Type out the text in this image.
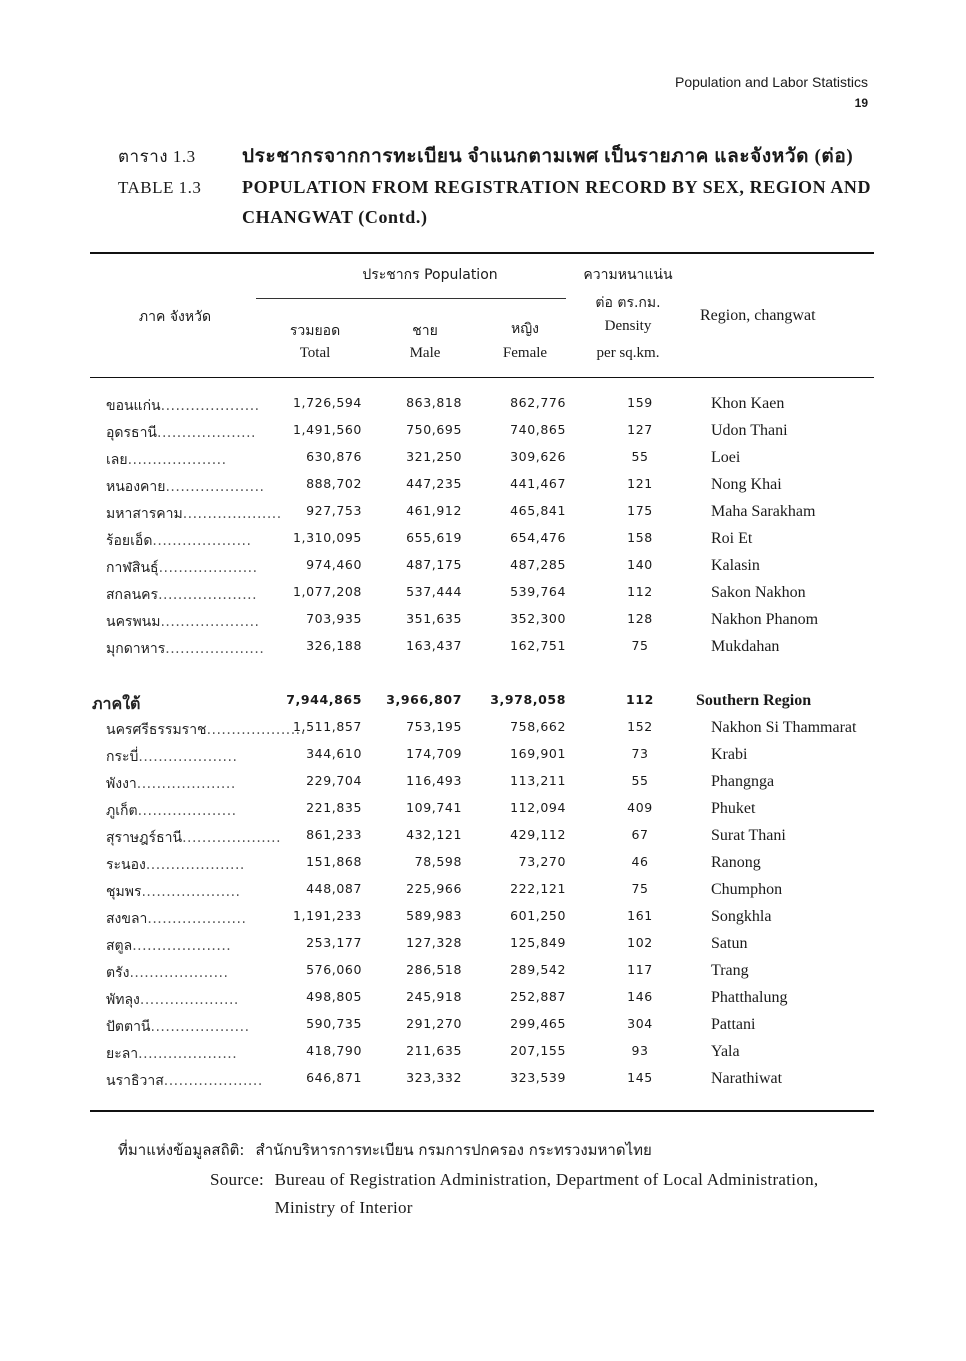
Population and Labor Statistics
19
ตาราง 1.3	ประชากรจากการทะเบียน จำแนกตามเพศ เป็นรายภาค และจังหวัด (ต่อ)
TABLE 1.3	POPULATION FROM REGISTRATION RECORD BY SEX, REGION AND
CHANGWAT (Contd.)
ภาค จังหวัด
ประชากร Population
รวมยอด
Total
ชาย
Male
หญิง
Female
ความหนาแน่น
ต่อ ตร.กม.
Density
per sq.km.
Region, changwat
ขอนแก่น .....	1,726,594	863,818	862,776	159	Khon Kaen
อุดรธานี .....	1,491,560	750,695	740,865	127	Udon Thani
เลย .....	630,876	321,250	309,626	55	Loei
หนองคาย .....	888,702	447,235	441,467	121	Nong Khai
มหาสารคาม .....	927,753	461,912	465,841	175	Maha Sarakham
ร้อยเอ็ด .....	1,310,095	655,619	654,476	158	Roi Et
กาฬสินธุ์ .....	974,460	487,175	487,285	140	Kalasin
สกลนคร .....	1,077,208	537,444	539,764	112	Sakon Nakhon
นครพนม .....	703,935	351,635	352,300	128	Nakhon Phanom
มุกดาหาร .....	326,188	163,437	162,751	75	Mukdahan
ภาคใต้	7,944,865 3,966,807 3,978,058	112	Southern Region
นครศรีธรรมราช .....	1,511,857	753,195	758,662	152	Nakhon Si Thammarat
กระบี่ .....	344,610	174,709	169,901	73	Krabi
พังงา .....	229,704	116,493	113,211	55	Phangnga
ภูเก็ต .....	221,835	109,741	112,094	409	Phuket
สุราษฎร์ธานี .....	861,233	432,121	429,112	67	Surat Thani
ระนอง .....	151,868	78,598	73,270	46	Ranong
ชุมพร .....	448,087	225,966	222,121	75	Chumphon
สงขลา .....	1,191,233	589,983	601,250	161	Songkhla
สตูล .....	253,177	127,328	125,849	102	Satun
ตรัง .....	576,060	286,518	289,542	117	Trang
พัทลุง .....	498,805	245,918	252,887	146	Phatthalung
ปัตตานี .....	590,735	291,270	299,465	304	Pattani
ยะลา .....	418,790	211,635	207,155	93	Yala
นราธิวาส .....	646,871	323,332	323,539	145	Narathiwat
ที่มาแห่งข้อมูลสถิติ: สำนักบริหารการทะเบียน กรมการปกครอง กระทรวงมหาดไทย
Source: Bureau of Registration Administration, Department of Local Administration,
Ministry of Interior
